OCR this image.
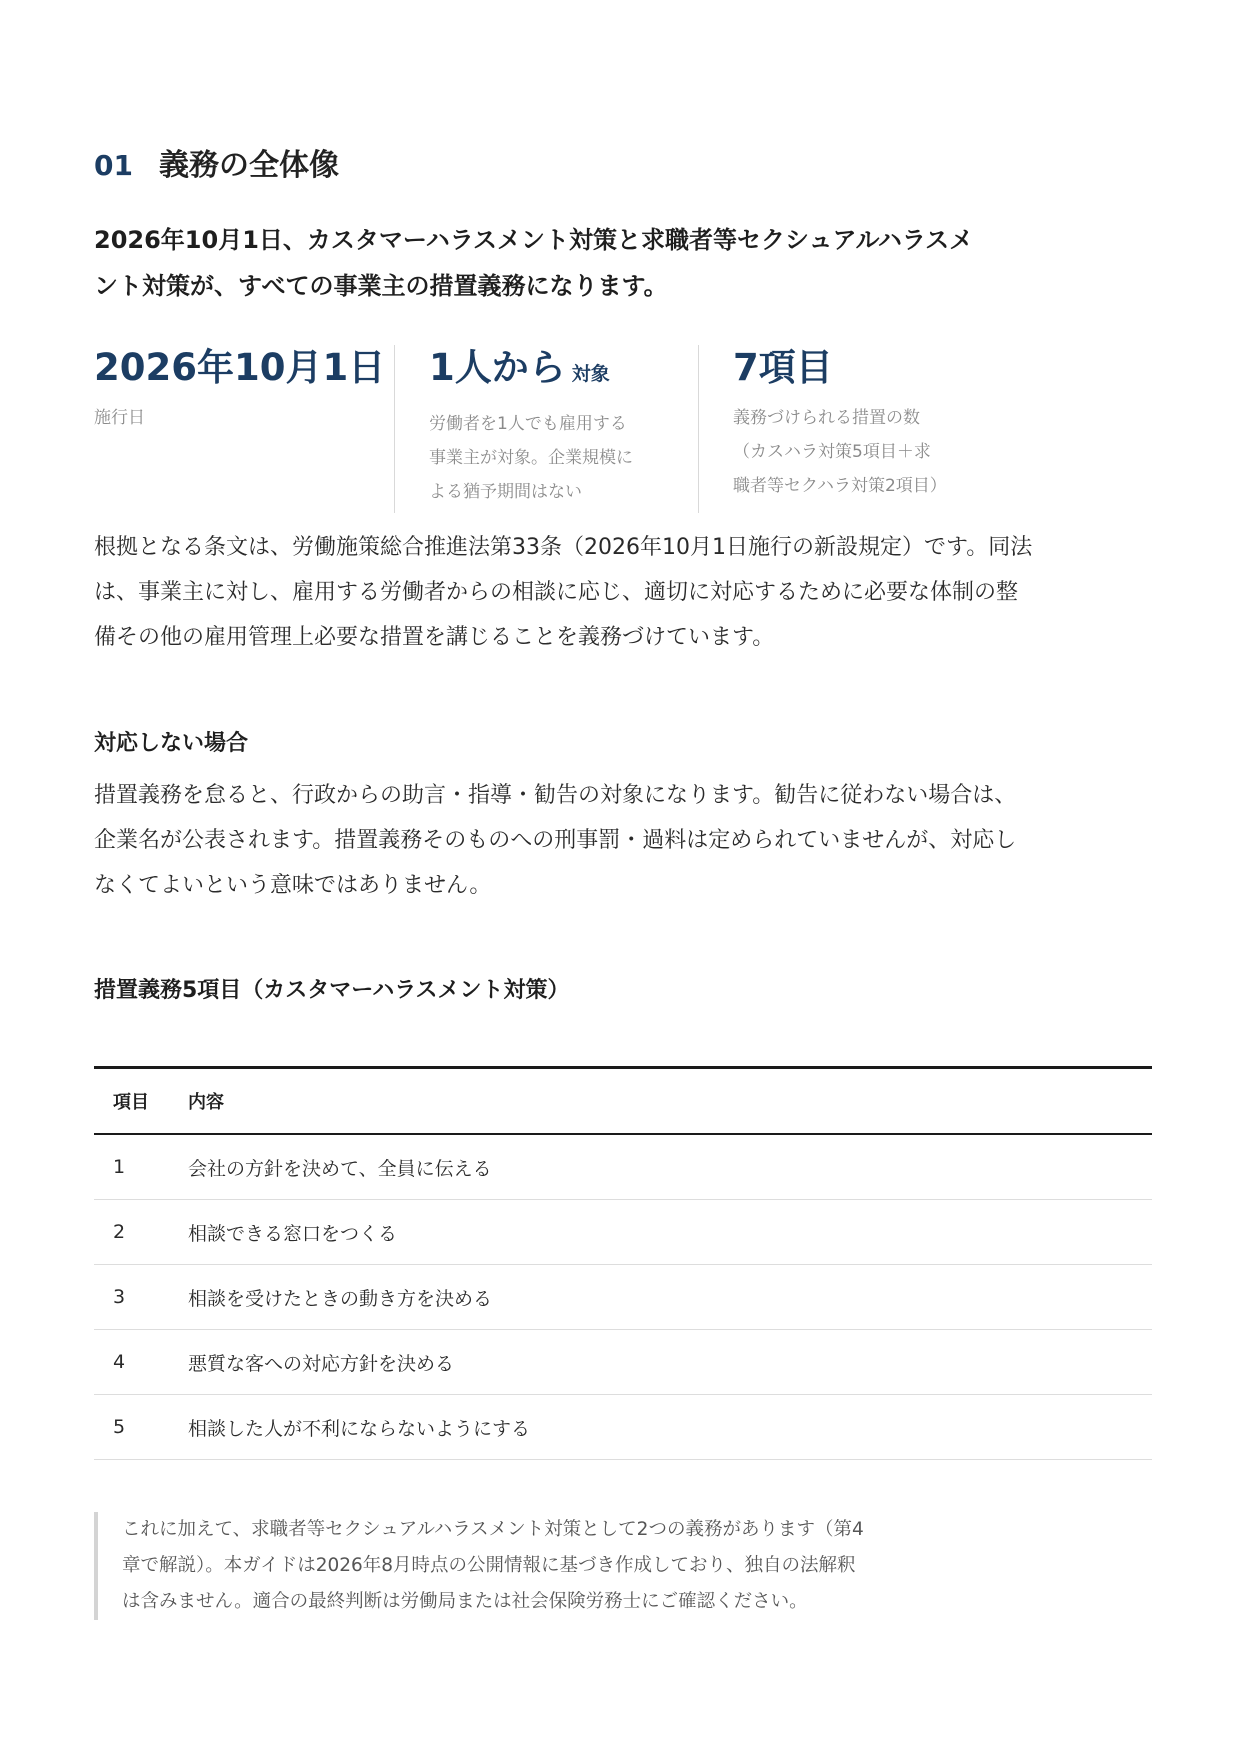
01 義務の全体像
2026年10月1日、カスタマーハラスメント対策と求職者等セクシュアルハラスメ
ント対策が、すべての事業主の措置義務になります。
2026年10月1日
施行日
1人から 対象
労働者を1人でも雇用する
事業主が対象。企業規模に
よる猶予期間はない
7項目
義務づけられる措置の数
（カスハラ対策5項目＋求
職者等セクハラ対策2項目）
根拠となる条文は、労働施策総合推進法第33条（2026年10月1日施行の新設規定）です。同法
は、事業主に対し、雇用する労働者からの相談に応じ、適切に対応するために必要な体制の整
備その他の雇用管理上必要な措置を講じることを義務づけています。
対応しない場合
措置義務を怠ると、行政からの助言・指導・勧告の対象になります。勧告に従わない場合は、
企業名が公表されます。措置義務そのものへの刑事罰・過料は定められていませんが、対応し
なくてよいという意味ではありません。
措置義務5項目（カスタマーハラスメント対策）
項目	内容
1	会社の方針を決めて、全員に伝える
2	相談できる窓口をつくる
3	相談を受けたときの動き方を決める
4	悪質な客への対応方針を決める
5	相談した人が不利にならないようにする
これに加えて、求職者等セクシュアルハラスメント対策として2つの義務があります（第4
章で解説）。本ガイドは2026年8月時点の公開情報に基づき作成しており、独自の法解釈
は含みません。適合の最終判断は労働局または社会保険労務士にご確認ください。
